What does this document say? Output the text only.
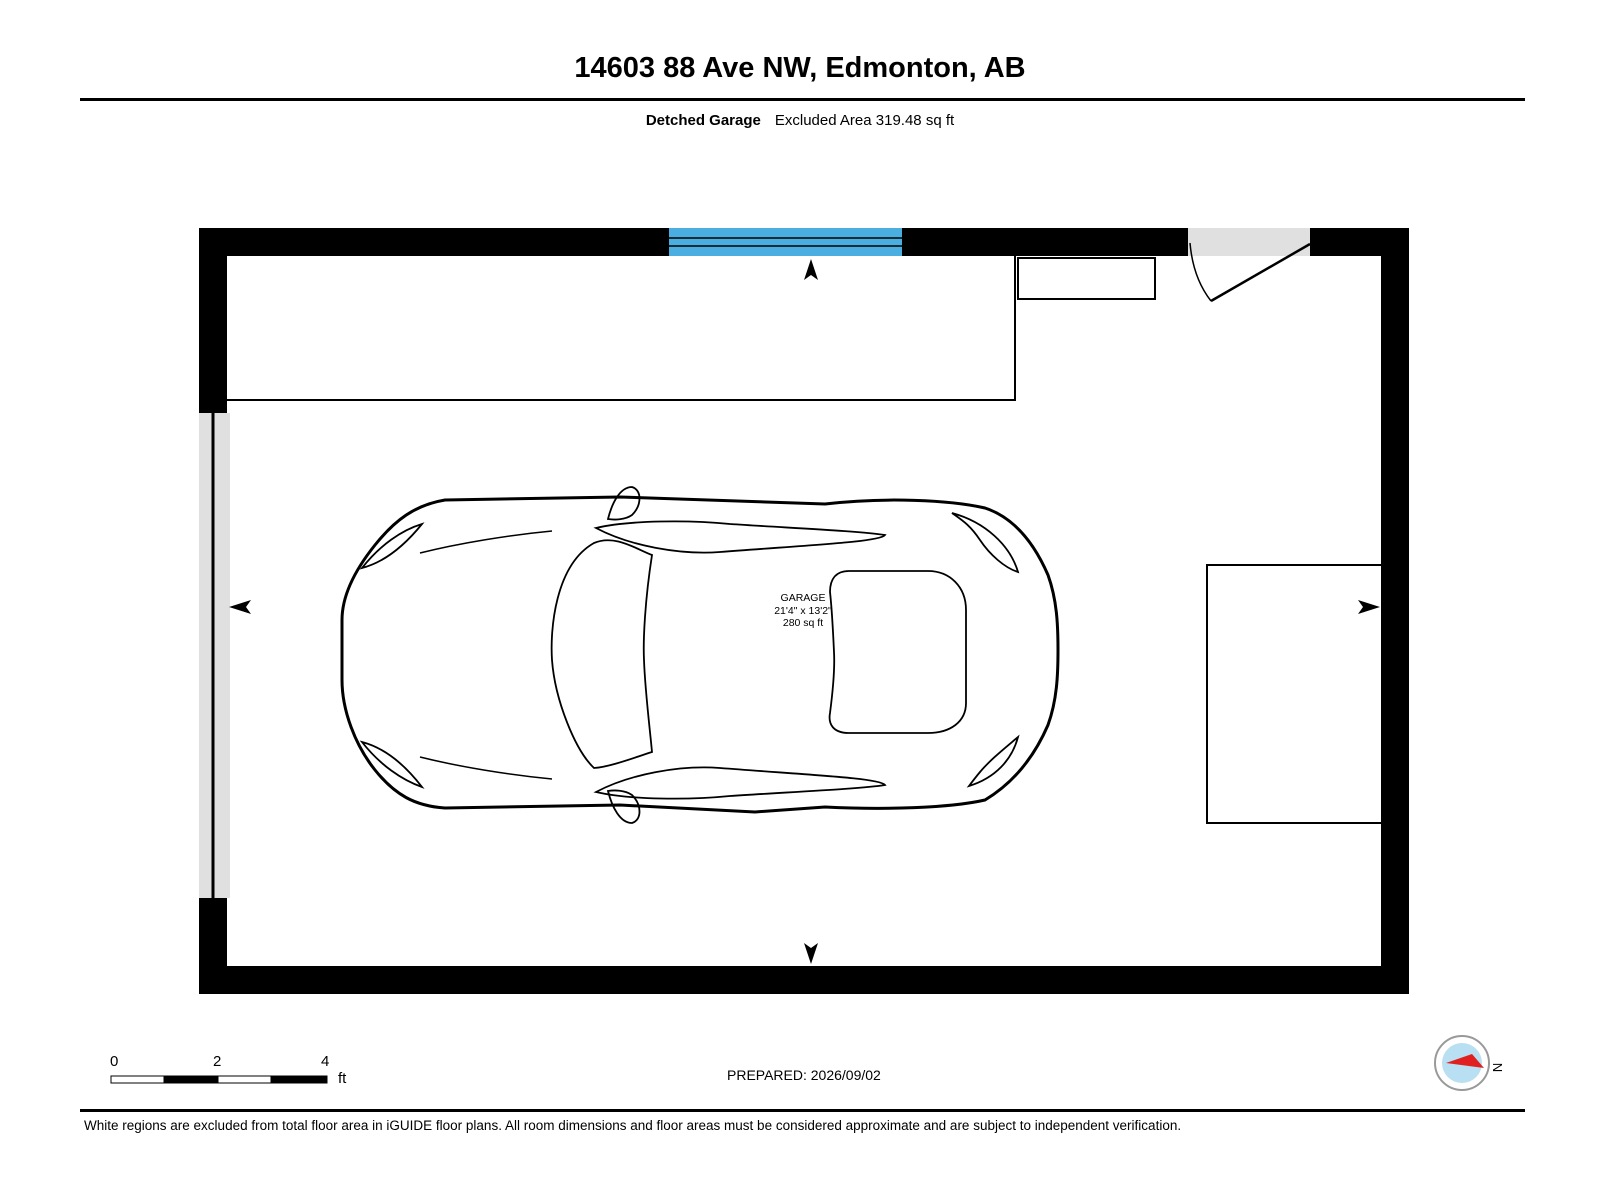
14603 88 Ave NW, Edmonton, AB
Detched Garage Excluded Area 319.48 sq ft
GARAGE
21'4" x 13'2"
280 sq ft
0	2	4
ft	PREPARED: 2026/09/02	N
White regions are excluded from total floor area in iGUIDE floor plans. All room dimensions and floor areas must be considered approximate and are subject to independent verification.
